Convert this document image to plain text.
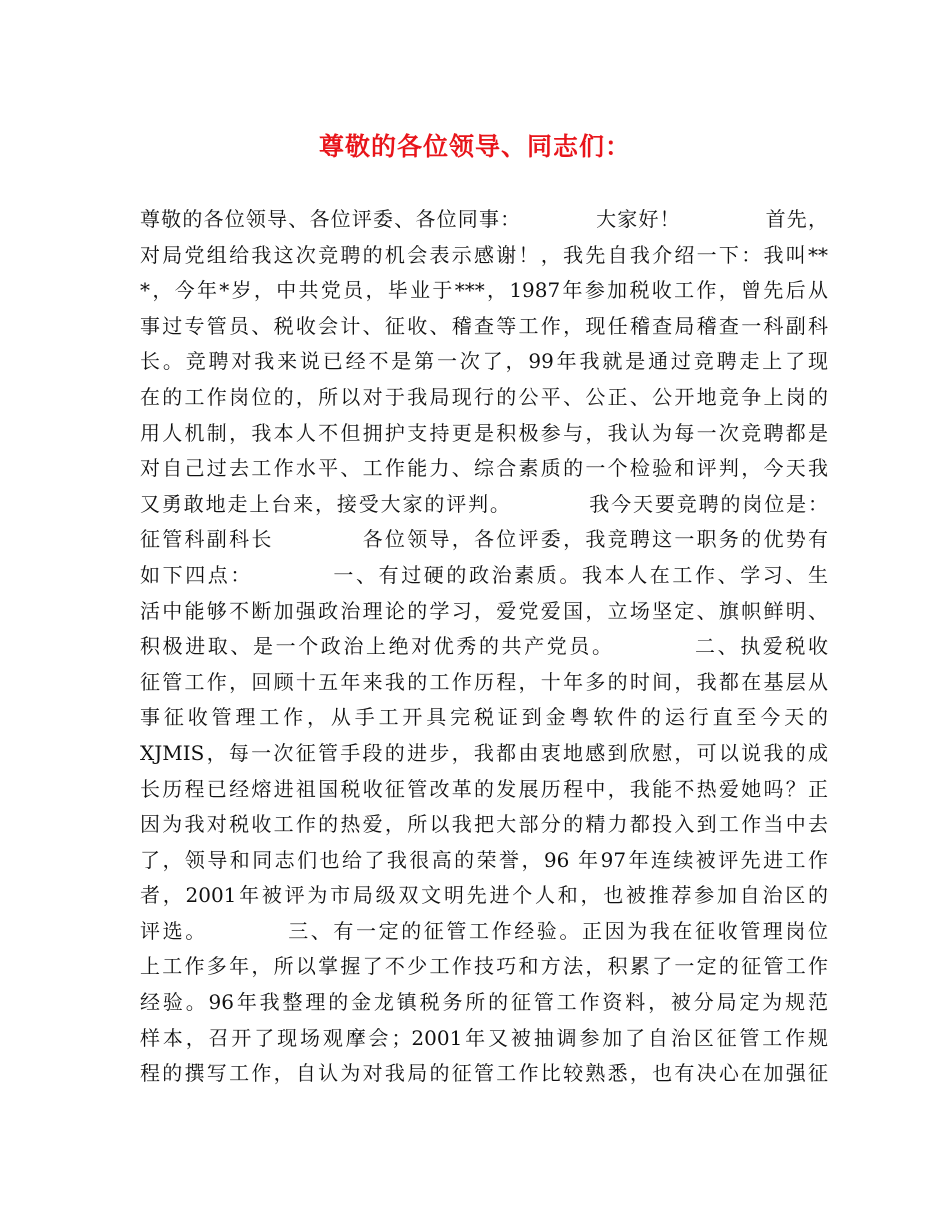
尊敬的各位领导、同志们：
尊敬的各位领导、各位评委、各位同事：　　　　大家好！　　　　首先，
对局党组给我这次竞聘的机会表示感谢！，我先自我介绍一下：我叫**
*，今年*岁，中共党员，毕业于***，1987年参加税收工作，曾先后从
事过专管员、税收会计、征收、稽查等工作，现任稽查局稽查一科副科
长。竞聘对我来说已经不是第一次了，99年我就是通过竞聘走上了现
在的工作岗位的，所以对于我局现行的公平、公正、公开地竞争上岗的
用人机制，我本人不但拥护支持更是积极参与，我认为每一次竞聘都是
对自己过去工作水平、工作能力、综合素质的一个检验和评判，今天我
又勇敢地走上台来，接受大家的评判。　　　　我今天要竞聘的岗位是：
征管科副科长　　　　各位领导，各位评委，我竞聘这一职务的优势有
如下四点：　　　　一、有过硬的政治素质。我本人在工作、学习、生
活中能够不断加强政治理论的学习，爱党爱国，立场坚定、旗帜鲜明、
积极进取、是一个政治上绝对优秀的共产党员。　　　　二、执爱税收
征管工作，回顾十五年来我的工作历程，十年多的时间，我都在基层从
事征收管理工作，从手工开具完税证到金粤软件的运行直至今天的
XJMIS，每一次征管手段的进步，我都由衷地感到欣慰，可以说我的成
长历程已经熔进祖国税收征管改革的发展历程中，我能不热爱她吗？正
因为我对税收工作的热爱，所以我把大部分的精力都投入到工作当中去
了，领导和同志们也给了我很高的荣誉，96 年97年连续被评先进工作
者，2001年被评为市局级双文明先进个人和，也被推荐参加自治区的
评选。　　　　三、有一定的征管工作经验。正因为我在征收管理岗位
上工作多年，所以掌握了不少工作技巧和方法，积累了一定的征管工作
经验。96年我整理的金龙镇税务所的征管工作资料，被分局定为规范
样本，召开了现场观摩会；2001年又被抽调参加了自治区征管工作规
程的撰写工作，自认为对我局的征管工作比较熟悉，也有决心在加强征
